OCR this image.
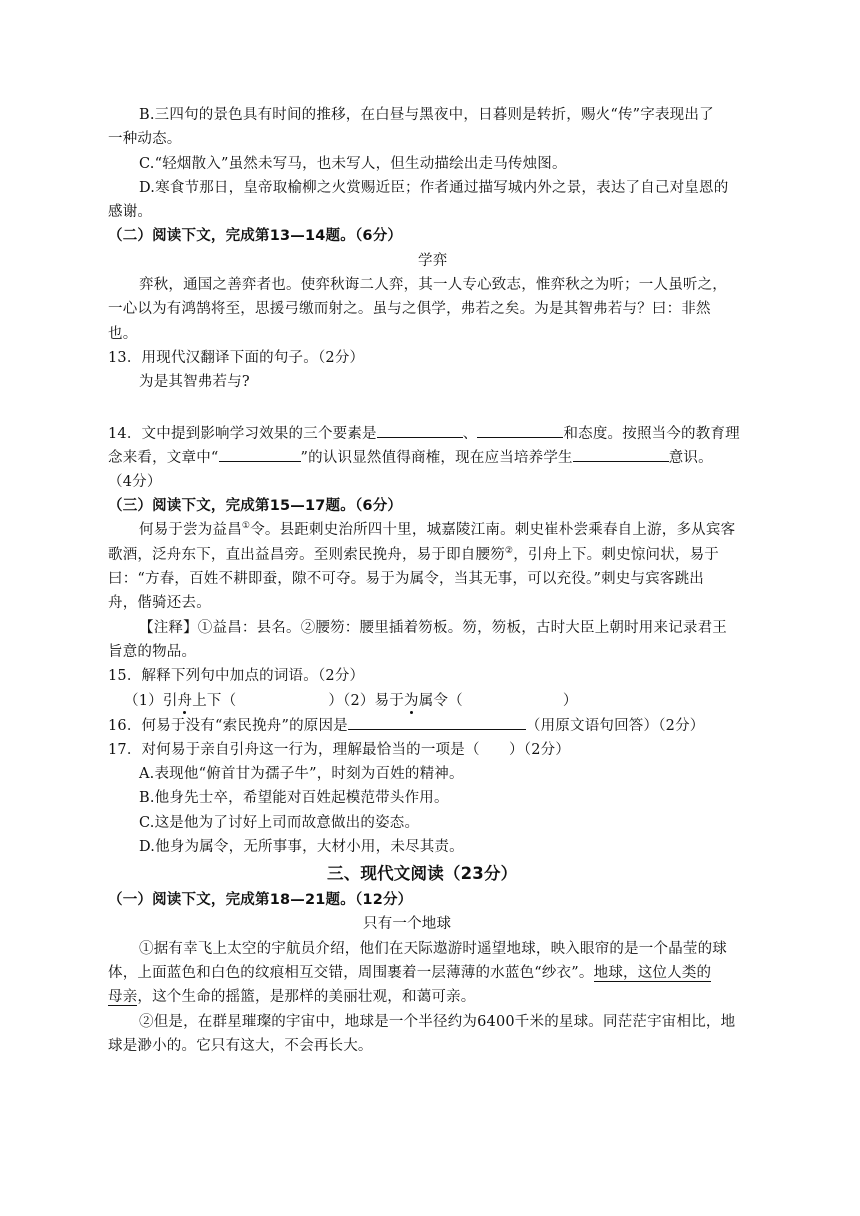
B.三四句的景色具有时间的推移，在白昼与黑夜中，日暮则是转折，赐火“传”字表现出了
一种动态。
C.“轻烟散入”虽然未写马，也未写人，但生动描绘出走马传烛图。
D.寒食节那日，皇帝取榆柳之火赏赐近臣；作者通过描写城内外之景，表达了自己对皇恩的
感谢。
（二）阅读下文，完成第13—14题。（6分）
学弈
弈秋，通国之善弈者也。使弈秋诲二人弈，其一人专心致志，惟弈秋之为听；一人虽听之，
一心以为有鸿鹄将至，思援弓缴而射之。虽与之俱学，弗若之矣。为是其智弗若与？曰：非然
也。
13．用现代汉翻译下面的句子。（2分）
为是其智弗若与?
14．文中提到影响学习效果的三个要素是	、	和态度。按照当今的教育理
念来看，文章中“	”的认识显然值得商榷，现在应当培养学生	意识。
（4分）
（三）阅读下文，完成第15—17题。（6分）
何易于尝为益昌①令。县距刺史治所四十里，城嘉陵江南。刺史崔朴尝乘春自上游，多从宾客
歌酒，泛舟东下，直出益昌旁。至则索民挽舟，易于即自腰笏②，引舟上下。刺史惊问状，易于
曰：“方春，百姓不耕即蚕，隙不可夺。易于为属令，当其无事，可以充役。”刺史与宾客跳出
舟，偕骑还去。
【注释】①益昌：县名。②腰笏：腰里插着笏板。笏，笏板，古时大臣上朝时用来记录君王
旨意的物品。
15．解释下列句中加点的词语。（2分）
（1）引舟上下（	）（2）易于为属令（	）
16．何易于没有“索民挽舟”的原因是	（用原文语句回答）（2分）
17．对何易于亲自引舟这一行为，理解最恰当的一项是（　　）（2分）
A.表现他“俯首甘为孺子牛”，时刻为百姓的精神。
B.他身先士卒，希望能对百姓起模范带头作用。
C.这是他为了讨好上司而故意做出的姿态。
D.他身为属令，无所事事，大材小用，未尽其责。
三、现代文阅读（23分）
（一）阅读下文，完成第18—21题。（12分）
只有一个地球
①据有幸飞上太空的宇航员介绍，他们在天际遨游时遥望地球，映入眼帘的是一个晶莹的球
体，上面蓝色和白色的纹痕相互交错，周围裹着一层薄薄的水蓝色“纱衣”。地球，这位人类的
母亲，这个生命的摇篮，是那样的美丽壮观，和蔼可亲。
②但是，在群星璀璨的宇宙中，地球是一个半径约为6400千米的星球。同茫茫宇宙相比，地
球是渺小的。它只有这大，不会再长大。
